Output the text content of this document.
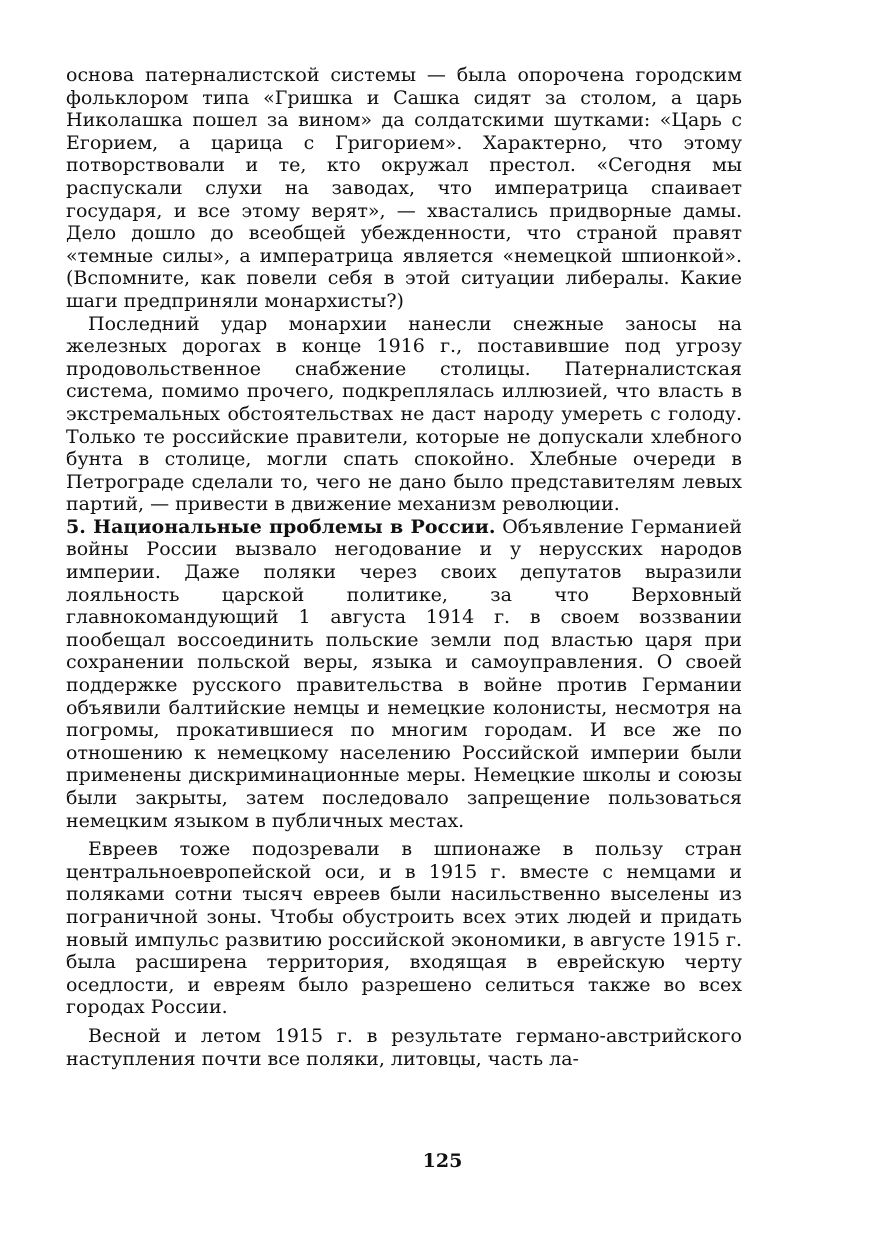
основа патерналистской системы — была опорочена городским фольклором типа «Гришка и Сашка сидят за столом, а царь Николашка пошел за вином» да солдатскими шутками: «Царь с Егорием, а царица с Григорием». Характерно, что этому потворствовали и те, кто окружал престол. «Сегодня мы распускали слухи на заводах, что императрица спаивает государя, и все этому верят», — хвастались придворные дамы. Дело дошло до всеобщей убежденности, что страной правят «темные силы», а императрица является «немецкой шпионкой». (Вспомните, как повели себя в этой ситуации либералы. Какие шаги предприняли монархисты?)

Последний удар монархии нанесли снежные заносы на железных дорогах в конце 1916 г., поставившие под угрозу продовольственное снабжение столицы. Патерналистская система, помимо прочего, подкреплялась иллюзией, что власть в экстремальных обстоятельствах не даст народу умереть с голоду. Только те российские правители, которые не допускали хлебного бунта в столице, могли спать спокойно. Хлебные очереди в Петрограде сделали то, чего не дано было представителям левых партий, — привести в движение механизм революции.

5. Национальные проблемы в России. Объявление Германией войны России вызвало негодование и у нерусских народов империи. Даже поляки через своих депутатов выразили лояльность царской политике, за что Верховный главнокомандующий 1 августа 1914 г. в своем воззвании пообещал воссоединить польские земли под властью царя при сохранении польской веры, языка и самоуправления. О своей поддержке русского правительства в войне против Германии объявили балтийские немцы и немецкие колонисты, несмотря на погромы, прокатившиеся по многим городам. И все же по отношению к немецкому населению Российской империи были применены дискриминационные меры. Немецкие школы и союзы были закрыты, затем последовало запрещение пользоваться немецким языком в публичных местах.

Евреев тоже подозревали в шпионаже в пользу стран центральноевропейской оси, и в 1915 г. вместе с немцами и поляками сотни тысяч евреев были насильственно выселены из пограничной зоны. Чтобы обустроить всех этих людей и придать новый импульс развитию российской экономики, в августе 1915 г. была расширена территория, входящая в еврейскую черту оседлости, и евреям было разрешено селиться также во всех городах России.

Весной и летом 1915 г. в результате германо-австрийского наступления почти все поляки, литовцы, часть ла-

125
